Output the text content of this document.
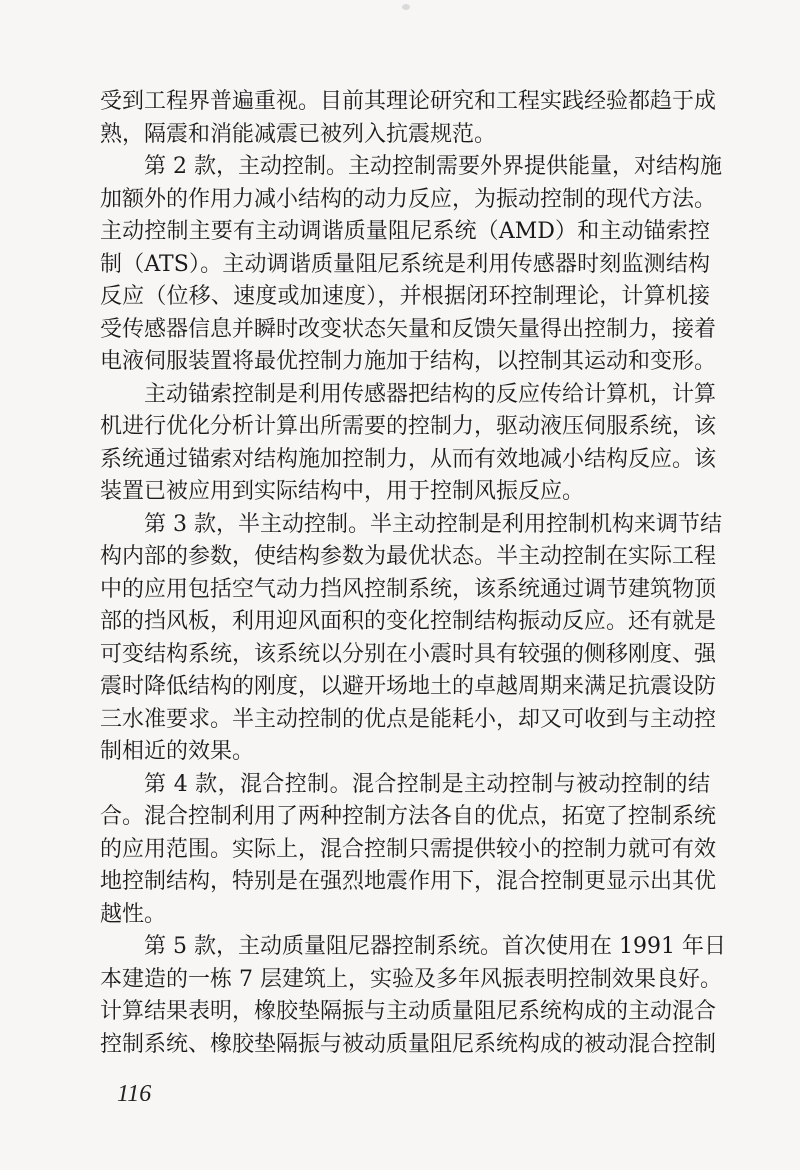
受到工程界普遍重视。目前其理论研究和工程实践经验都趋于成
熟，隔震和消能减震已被列入抗震规范。
第 2 款，主动控制。主动控制需要外界提供能量，对结构施
加额外的作用力减小结构的动力反应，为振动控制的现代方法。
主动控制主要有主动调谐质量阻尼系统（AMD）和主动锚索控
制（ATS）。主动调谐质量阻尼系统是利用传感器时刻监测结构
反应（位移、速度或加速度），并根据闭环控制理论，计算机接
受传感器信息并瞬时改变状态矢量和反馈矢量得出控制力，接着
电液伺服装置将最优控制力施加于结构，以控制其运动和变形。
主动锚索控制是利用传感器把结构的反应传给计算机，计算
机进行优化分析计算出所需要的控制力，驱动液压伺服系统，该
系统通过锚索对结构施加控制力，从而有效地减小结构反应。该
装置已被应用到实际结构中，用于控制风振反应。
第 3 款，半主动控制。半主动控制是利用控制机构来调节结
构内部的参数，使结构参数为最优状态。半主动控制在实际工程
中的应用包括空气动力挡风控制系统，该系统通过调节建筑物顶
部的挡风板，利用迎风面积的变化控制结构振动反应。还有就是
可变结构系统，该系统以分别在小震时具有较强的侧移刚度、强
震时降低结构的刚度，以避开场地土的卓越周期来满足抗震设防
三水准要求。半主动控制的优点是能耗小，却又可收到与主动控
制相近的效果。
第 4 款，混合控制。混合控制是主动控制与被动控制的结
合。混合控制利用了两种控制方法各自的优点，拓宽了控制系统
的应用范围。实际上，混合控制只需提供较小的控制力就可有效
地控制结构，特别是在强烈地震作用下，混合控制更显示出其优
越性。
第 5 款，主动质量阻尼器控制系统。首次使用在 1991 年日
本建造的一栋 7 层建筑上，实验及多年风振表明控制效果良好。
计算结果表明，橡胶垫隔振与主动质量阻尼系统构成的主动混合
控制系统、橡胶垫隔振与被动质量阻尼系统构成的被动混合控制
116
